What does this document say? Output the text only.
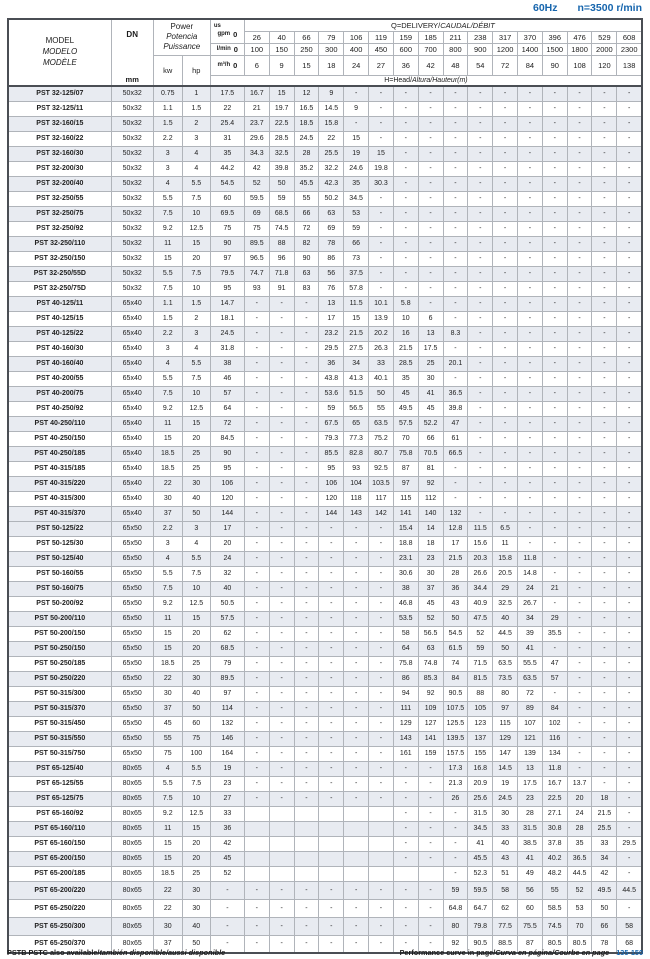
60Hz n=3500 r/min
MODEL
MODELO
MODÈLE

DN
mm

Power
Potencia
Puissance

us
gpm 0
	Q=DELIVERY/CAUDAL/DÉBIT
					26	40	66	79	106	119	159	185	211	238	317	370	396	476	529	608

				l/min 0	100	150	250	300	400	450	600	700	800	900	1200	1400	1500	1800	2000	2300
		kw	hp	m³/h 0	6	9	15	18	24	27	36	42	48	54	72	84	90	108	120	138
				H=Head/Altura/Hauteur(m)																
PST 32-125/07	50x32	0.75	1	17.5	16.7	15	12	9	-	-	-	-	-	-	-	-	-	-	-	-
PST 32-125/11	50x32	1.1	1.5	22	21	19.7	16.5	14.5	9	-	-	-	-	-	-	-	-	-	-	-
PST 32-160/15	50x32	1.5	2	25.4	23.7	22.5	18.5	15.8	-	-	-	-	-	-	-	-	-	-	-	-
PST 32-160/22	50x32	2.2	3	31	29.6	28.5	24.5	22	15	-	-	-	-	-	-	-	-	-	-	-
PST 32-160/30	50x32	3	4	35	34.3	32.5	28	25.5	19	15	-	-	-	-	-	-	-	-	-	-
PST 32-200/30	50x32	3	4	44.2	42	39.8	35.2	32.2	24.6	19.8	-	-	-	-	-	-	-	-	-	-
PST 32-200/40	50x32	4	5.5	54.5	52	50	45.5	42.3	35	30.3	-	-	-	-	-	-	-	-	-	-
PST 32-250/55	50x32	5.5	7.5	60	59.5	59	55	50.2	34.5	-	-	-	-	-	-	-	-	-	-	-
PST 32-250/75	50x32	7.5	10	69.5	69	68.5	66	63	53	-	-	-	-	-	-	-	-	-	-	-
PST 32-250/92	50x32	9.2	12.5	75	75	74.5	72	69	59	-	-	-	-	-	-	-	-	-	-	-
PST 32-250/110	50x32	11	15	90	89.5	88	82	78	66	-	-	-	-	-	-	-	-	-	-	-
PST 32-250/150	50x32	15	20	97	96.5	96	90	86	73	-	-	-	-	-	-	-	-	-	-	-
PST 32-250/55D	50x32	5.5	7.5	79.5	74.7	71.8	63	56	37.5	-	-	-	-	-	-	-	-	-	-	-
PST 32-250/75D	50x32	7.5	10	95	93	91	83	76	57.8	-	-	-	-	-	-	-	-	-	-	-
PST 40-125/11	65x40	1.1	1.5	14.7	-	-	-	13	11.5	10.1	5.8	-	-	-	-	-	-	-	-	-
PST 40-125/15	65x40	1.5	2	18.1	-	-	-	17	15	13.9	10	6	-	-	-	-	-	-	-	-
PST 40-125/22	65x40	2.2	3	24.5	-	-	-	23.2	21.5	20.2	16	13	8.3	-	-	-	-	-	-	-
PST 40-160/30	65x40	3	4	31.8	-	-	-	29.5	27.5	26.3	21.5	17.5	-	-	-	-	-	-	-	-
PST 40-160/40	65x40	4	5.5	38	-	-	-	36	34	33	28.5	25	20.1	-	-	-	-	-	-	-
PST 40-200/55	65x40	5.5	7.5	46	-	-	-	43.8	41.3	40.1	35	30	-	-	-	-	-	-	-	-
PST 40-200/75	65x40	7.5	10	57	-	-	-	53.6	51.5	50	45	41	36.5	-	-	-	-	-	-	-
PST 40-250/92	65x40	9.2	12.5	64	-	-	-	59	56.5	55	49.5	45	39.8	-	-	-	-	-	-	-
PST 40-250/110	65x40	11	15	72	-	-	-	67.5	65	63.5	57.5	52.2	47	-	-	-	-	-	-	-
PST 40-250/150	65x40	15	20	84.5	-	-	-	79.3	77.3	75.2	70	66	61	-	-	-	-	-	-	-
PST 40-250/185	65x40	18.5	25	90	-	-	-	85.5	82.8	80.7	75.8	70.5	66.5	-	-	-	-	-	-	-
PST 40-315/185	65x40	18.5	25	95	-	-	-	95	93	92.5	87	81	-	-	-	-	-	-	-	-
PST 40-315/220	65x40	22	30	106	-	-	-	106	104	103.5	97	92	-	-	-	-	-	-	-	-
PST 40-315/300	65x40	30	40	120	-	-	-	120	118	117	115	112	-	-	-	-	-	-	-	-
PST 40-315/370	65x40	37	50	144	-	-	-	144	143	142	141	140	132	-	-	-	-	-	-	-
PST 50-125/22	65x50	2.2	3	17	-	-	-	-	-	-	15.4	14	12.8	11.5	6.5	-	-	-	-	-
PST 50-125/30	65x50	3	4	20	-	-	-	-	-	-	18.8	18	17	15.6	11	-	-	-	-	-
PST 50-125/40	65x50	4	5.5	24	-	-	-	-	-	-	23.1	23	21.5	20.3	15.8	11.8	-	-	-	-
PST 50-160/55	65x50	5.5	7.5	32	-	-	-	-	-	-	30.6	30	28	26.6	20.5	14.8	-	-	-	-
PST 50-160/75	65x50	7.5	10	40	-	-	-	-	-	-	38	37	36	34.4	29	24	21	-	-	-
PST 50-200/92	65x50	9.2	12.5	50.5	-	-	-	-	-	-	46.8	45	43	40.9	32.5	26.7	-	-	-	-
PST 50-200/110	65x50	11	15	57.5	-	-	-	-	-	-	53.5	52	50	47.5	40	34	29	-	-	-
PST 50-200/150	65x50	15	20	62	-	-	-	-	-	-	58	56.5	54.5	52	44.5	39	35.5	-	-	-
PST 50-250/150	65x50	15	20	68.5	-	-	-	-	-	-	64	63	61.5	59	50	41	-	-	-	-
PST 50-250/185	65x50	18.5	25	79	-	-	-	-	-	-	75.8	74.8	74	71.5	63.5	55.5	47	-	-	-
PST 50-250/220	65x50	22	30	89.5	-	-	-	-	-	-	86	85.3	84	81.5	73.5	63.5	57	-	-	-
PST 50-315/300	65x50	30	40	97	-	-	-	-	-	-	94	92	90.5	88	80	72	-	-	-	-
PST 50-315/370	65x50	37	50	114	-	-	-	-	-	-	111	109	107.5	105	97	89	84	-	-	-
PST 50-315/450	65x50	45	60	132	-	-	-	-	-	-	129	127	125.5	123	115	107	102	-	-	-
PST 50-315/550	65x50	55	75	146	-	-	-	-	-	-	143	141	139.5	137	129	121	116	-	-	-
PST 50-315/750	65x50	75	100	164	-	-	-	-	-	-	161	159	157.5	155	147	139	134	-	-	-
PST 65-125/40	80x65	4	5.5	19	-	-	-	-	-	-	-	-	17.3	16.8	14.5	13	11.8	-	-	-
PST 65-125/55	80x65	5.5	7.5	23	-	-	-	-	-	-	-	-	21.3	20.9	19	17.5	16.7	13.7	-	-
PST 65-125/75	80x65	7.5	10	27	-	-	-	-	-	-	-	-	26	25.6	24.5	23	22.5	20	18	-
PST 65-160/92	80x65	9.2	12.5	33							-	-	-	31.5	30	28	27.1	24	21.5	-
PST 65-160/110	80x65	11	15	36							-	-	-	34.5	33	31.5	30.8	28	25.5	-
PST 65-160/150	80x65	15	20	42							-	-	-	41	40	38.5	37.8	35	33	29.5
PST 65-200/150	80x65	15	20	45							-	-	-	45.5	43	41	40.2	36.5	34	-
PST 65-200/185	80x65	18.5	25	52									-	52.3	51	49	48.2	44.5	42	-
PST 65-200/220	80x65	22	30	-	-	-	-	-	-	-	-	-	59	59.5	58	56	55	52	49.5	44.5
PST 65-250/220	80x65	22	30	-	-	-	-	-	-	-	-	-	64.8	64.7	62	60	58.5	53	50	-
PST 65-250/300	80x65	30	40	-	-	-	-	-	-	-	-	-	80	79.8	77.5	75.5	74.5	70	66	58
PST 65-250/370	80x65	37	50	-	-	-	-	-	-	-	-	-	92	90.5	88.5	87	80.5	80.5	78	68
PSTB PSTC also available/también disponible/aussi disponible	Performance curve in page/Curva en página/Courbe en page 135-150
